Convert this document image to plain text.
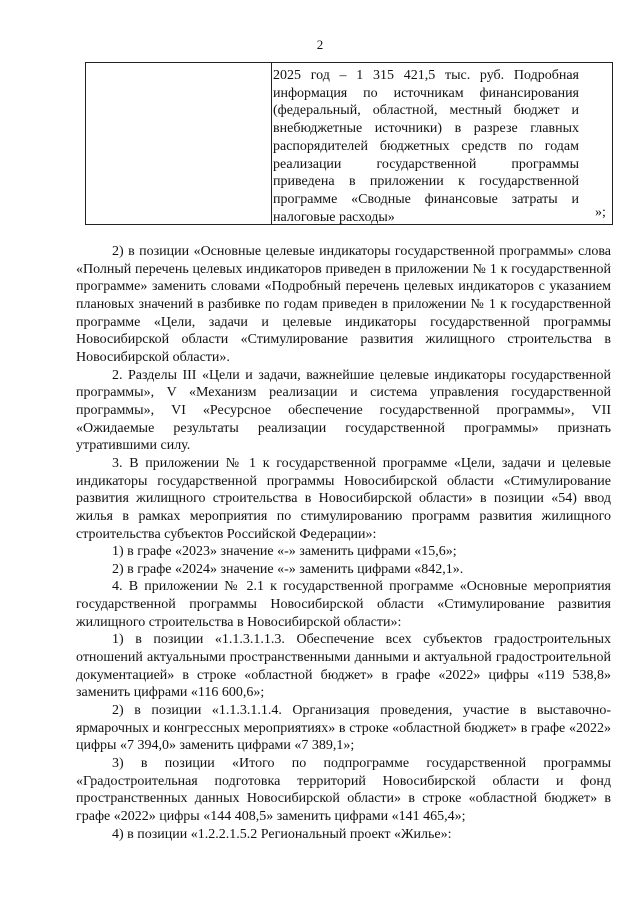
2
2025 год – 1 315 421,5 тыс. руб. Подробная информация по источникам финансирования (федеральный, областной, местный бюджет и внебюджетные источники) в разрезе главных распорядителей бюджетных средств по годам реализации государственной программы приведена в приложении к государственной программе «Сводные финансовые затраты и налоговые расходы»	»;

2) в позиции «Основные целевые индикаторы государственной программы» слова «Полный перечень целевых индикаторов приведен в приложении № 1 к государственной программе» заменить словами «Подробный перечень целевых индикаторов с указанием плановых значений в разбивке по годам приведен в приложении № 1 к государственной программе «Цели, задачи и целевые индикаторы государственной программы Новосибирской области «Стимулирование развития жилищного строительства в Новосибирской области».

2. Разделы III «Цели и задачи, важнейшие целевые индикаторы государственной программы», V «Механизм реализации и система управления государственной программы», VI «Ресурсное обеспечение государственной программы», VII «Ожидаемые результаты реализации государственной программы» признать утратившими силу.

3. В приложении № 1 к государственной программе «Цели, задачи и целевые индикаторы государственной программы Новосибирской области «Стимулирование развития жилищного строительства в Новосибирской области» в позиции «54) ввод жилья в рамках мероприятия по стимулированию программ развития жилищного строительства субъектов Российской Федерации»:

1) в графе «2023» значение «-» заменить цифрами «15,6»;

2) в графе «2024» значение «-» заменить цифрами «842,1».

4. В приложении № 2.1 к государственной программе «Основные мероприятия государственной программы Новосибирской области «Стимулирование развития жилищного строительства в Новосибирской области»:

1) в позиции «1.1.3.1.1.3. Обеспечение всех субъектов градостроительных отношений актуальными пространственными данными и актуальной градостроительной документацией» в строке «областной бюджет» в графе «2022» цифры «119 538,8» заменить цифрами «116 600,6»;

2) в позиции «1.1.3.1.1.4. Организация проведения, участие в выставочно-ярмарочных и конгрессных мероприятиях» в строке «областной бюджет» в графе «2022» цифры «7 394,0» заменить цифрами «7 389,1»;

3) в позиции «Итого по подпрограмме государственной программы «Градостроительная подготовка территорий Новосибирской области и фонд пространственных данных Новосибирской области» в строке «областной бюджет» в графе «2022» цифры «144 408,5» заменить цифрами «141 465,4»;

4) в позиции «1.2.2.1.5.2 Региональный проект «Жилье»:
